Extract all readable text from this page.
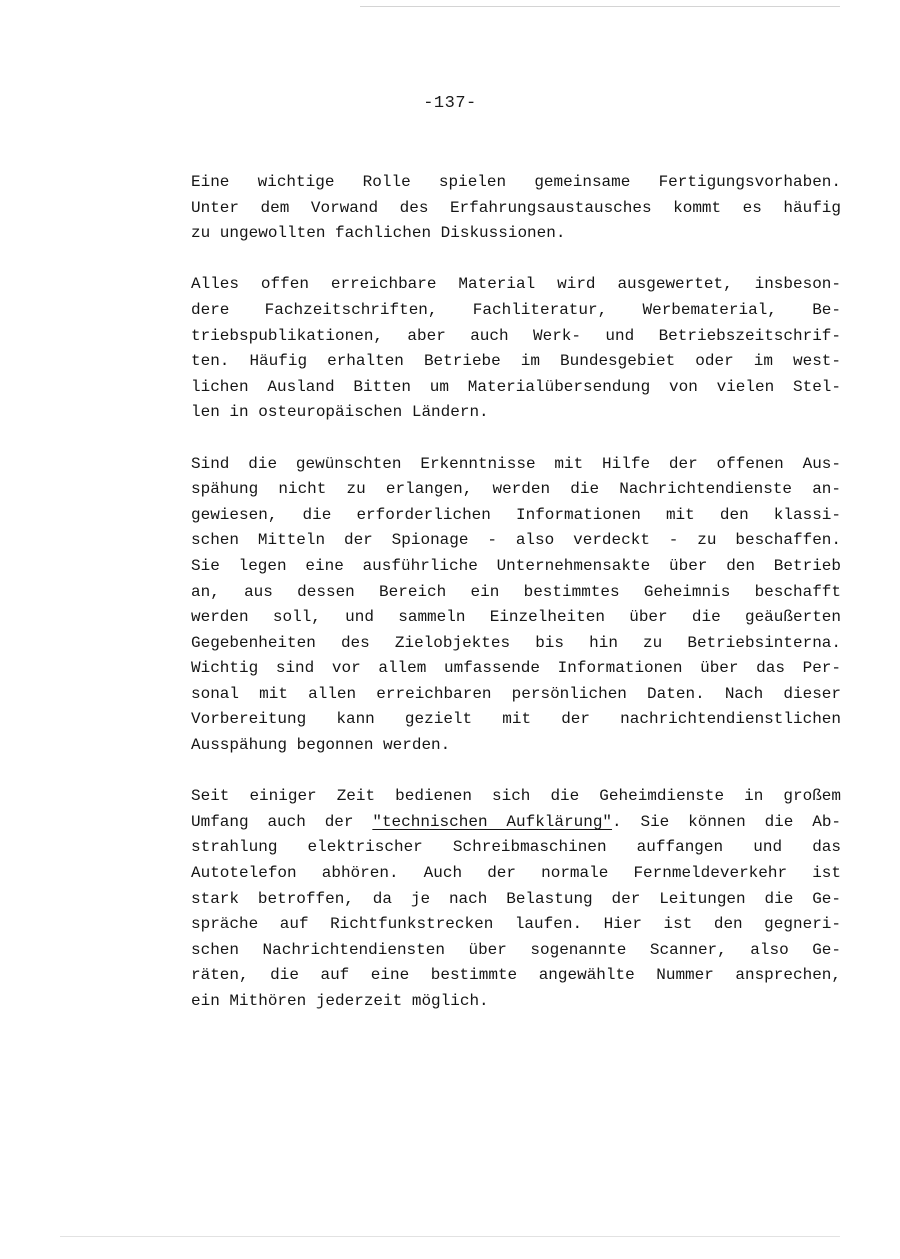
-137-

Eine wichtige Rolle spielen gemeinsame Fertigungsvorhaben.
Unter dem Vorwand des Erfahrungsaustausches kommt es häufig
zu ungewollten fachlichen Diskussionen.

Alles offen erreichbare Material wird ausgewertet, insbeson-
dere Fachzeitschriften, Fachliteratur, Werbematerial, Be-
triebspublikationen, aber auch Werk- und Betriebszeitschrif-
ten. Häufig erhalten Betriebe im Bundesgebiet oder im west-
lichen Ausland Bitten um Materialübersendung von vielen Stel-
len in osteuropäischen Ländern.

Sind die gewünschten Erkenntnisse mit Hilfe der offenen Aus-
spähung nicht zu erlangen, werden die Nachrichtendienste an-
gewiesen, die erforderlichen Informationen mit den klassi-
schen Mitteln der Spionage - also verdeckt - zu beschaffen.
Sie legen eine ausführliche Unternehmensakte über den Betrieb
an, aus dessen Bereich ein bestimmtes Geheimnis beschafft
werden soll, und sammeln Einzelheiten über die geäußerten
Gegebenheiten des Zielobjektes bis hin zu Betriebsinterna.
Wichtig sind vor allem umfassende Informationen über das Per-
sonal mit allen erreichbaren persönlichen Daten. Nach dieser
Vorbereitung kann gezielt mit der nachrichtendienstlichen
Ausspähung begonnen werden.

Seit einiger Zeit bedienen sich die Geheimdienste in großem
Umfang auch der "technischen Aufklärung". Sie können die Ab-
strahlung elektrischer Schreibmaschinen auffangen und das
Autotelefon abhören. Auch der normale Fernmeldeverkehr ist
stark betroffen, da je nach Belastung der Leitungen die Ge-
spräche auf Richtfunkstrecken laufen. Hier ist den gegneri-
schen Nachrichtendiensten über sogenannte Scanner, also Ge-
räten, die auf eine bestimmte angewählte Nummer ansprechen,
ein Mithören jederzeit möglich.
